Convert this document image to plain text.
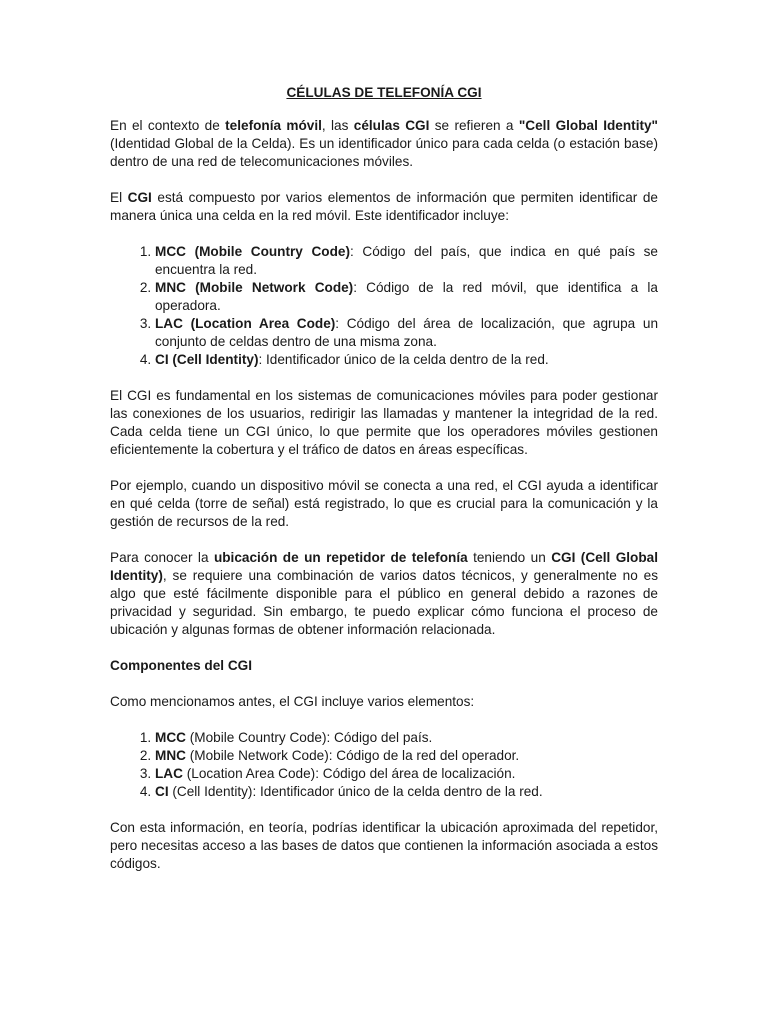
CÉLULAS DE TELEFONÍA CGI

En el contexto de telefonía móvil, las células CGI se refieren a "Cell Global Identity" (Identidad Global de la Celda). Es un identificador único para cada celda (o estación base) dentro de una red de telecomunicaciones móviles.

El CGI está compuesto por varios elementos de información que permiten identificar de manera única una celda en la red móvil. Este identificador incluye:

1. MCC (Mobile Country Code): Código del país, que indica en qué país se encuentra la red.
2. MNC (Mobile Network Code): Código de la red móvil, que identifica a la operadora.
3. LAC (Location Area Code): Código del área de localización, que agrupa un conjunto de celdas dentro de una misma zona.
4. CI (Cell Identity): Identificador único de la celda dentro de la red.

El CGI es fundamental en los sistemas de comunicaciones móviles para poder gestionar las conexiones de los usuarios, redirigir las llamadas y mantener la integridad de la red. Cada celda tiene un CGI único, lo que permite que los operadores móviles gestionen eficientemente la cobertura y el tráfico de datos en áreas específicas.

Por ejemplo, cuando un dispositivo móvil se conecta a una red, el CGI ayuda a identificar en qué celda (torre de señal) está registrado, lo que es crucial para la comunicación y la gestión de recursos de la red.

Para conocer la ubicación de un repetidor de telefonía teniendo un CGI (Cell Global Identity), se requiere una combinación de varios datos técnicos, y generalmente no es algo que esté fácilmente disponible para el público en general debido a razones de privacidad y seguridad. Sin embargo, te puedo explicar cómo funciona el proceso de ubicación y algunas formas de obtener información relacionada.

Componentes del CGI

Como mencionamos antes, el CGI incluye varios elementos:

1. MCC (Mobile Country Code): Código del país.
2. MNC (Mobile Network Code): Código de la red del operador.
3. LAC (Location Area Code): Código del área de localización.
4. CI (Cell Identity): Identificador único de la celda dentro de la red.

Con esta información, en teoría, podrías identificar la ubicación aproximada del repetidor, pero necesitas acceso a las bases de datos que contienen la información asociada a estos códigos.
